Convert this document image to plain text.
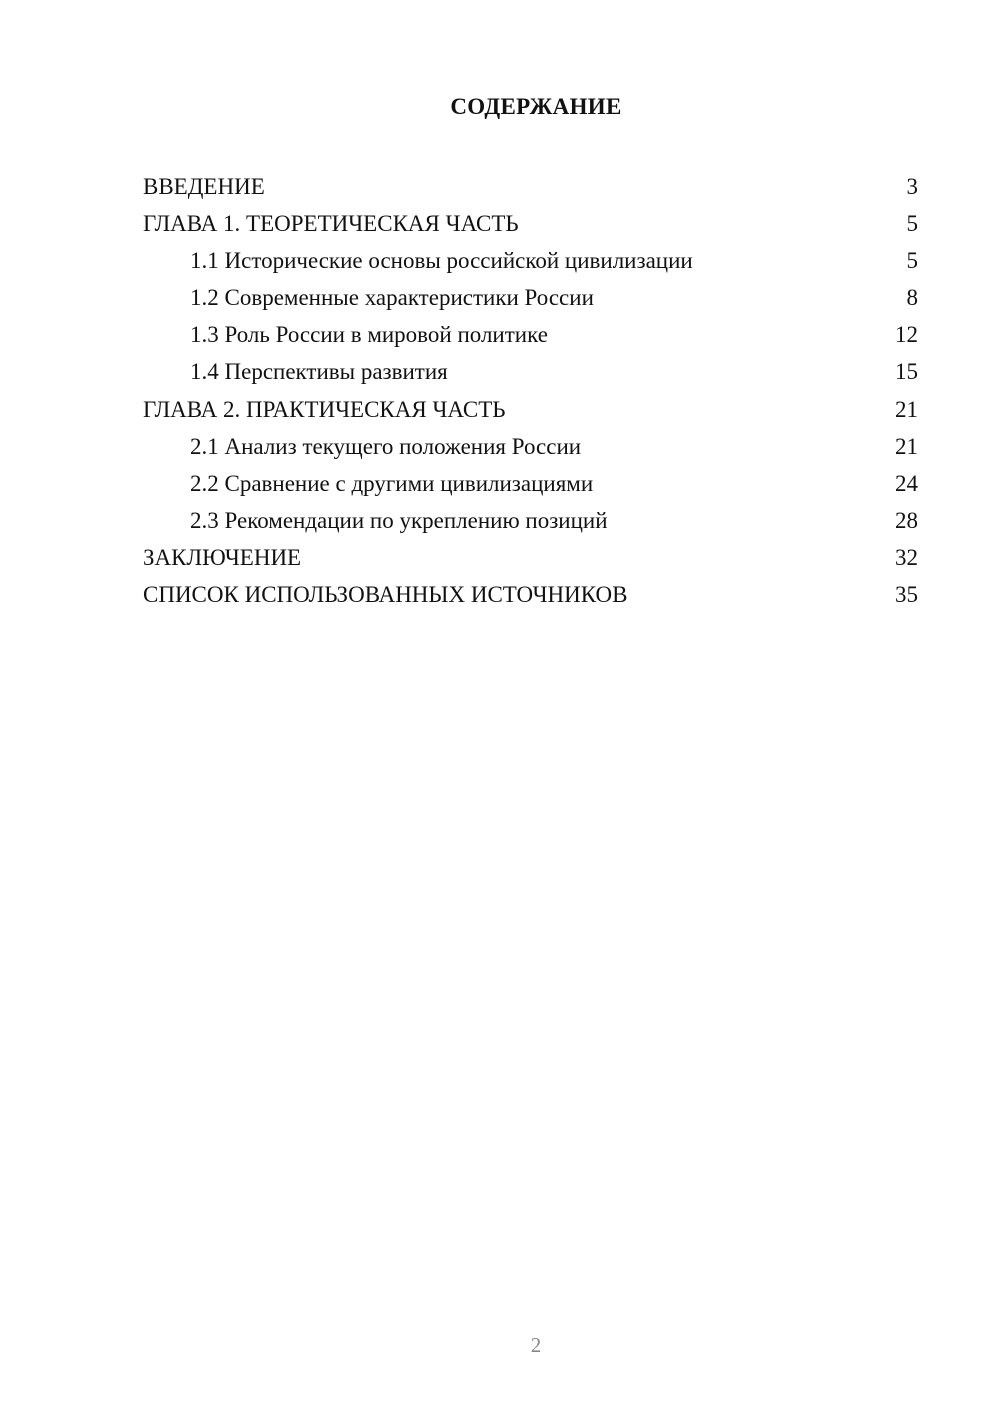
СОДЕРЖАНИЕ
ВВЕДЕНИЕ	3
ГЛАВА 1. ТЕОРЕТИЧЕСКАЯ ЧАСТЬ	5
1.1 Исторические основы российской цивилизации	5
1.2 Современные характеристики России	8
1.3 Роль России в мировой политике	12
1.4 Перспективы развития	15
ГЛАВА 2. ПРАКТИЧЕСКАЯ ЧАСТЬ	21
2.1 Анализ текущего положения России	21
2.2 Сравнение с другими цивилизациями	24
2.3 Рекомендации по укреплению позиций	28
ЗАКЛЮЧЕНИЕ	32
СПИСОК ИСПОЛЬЗОВАННЫХ ИСТОЧНИКОВ	35
2
